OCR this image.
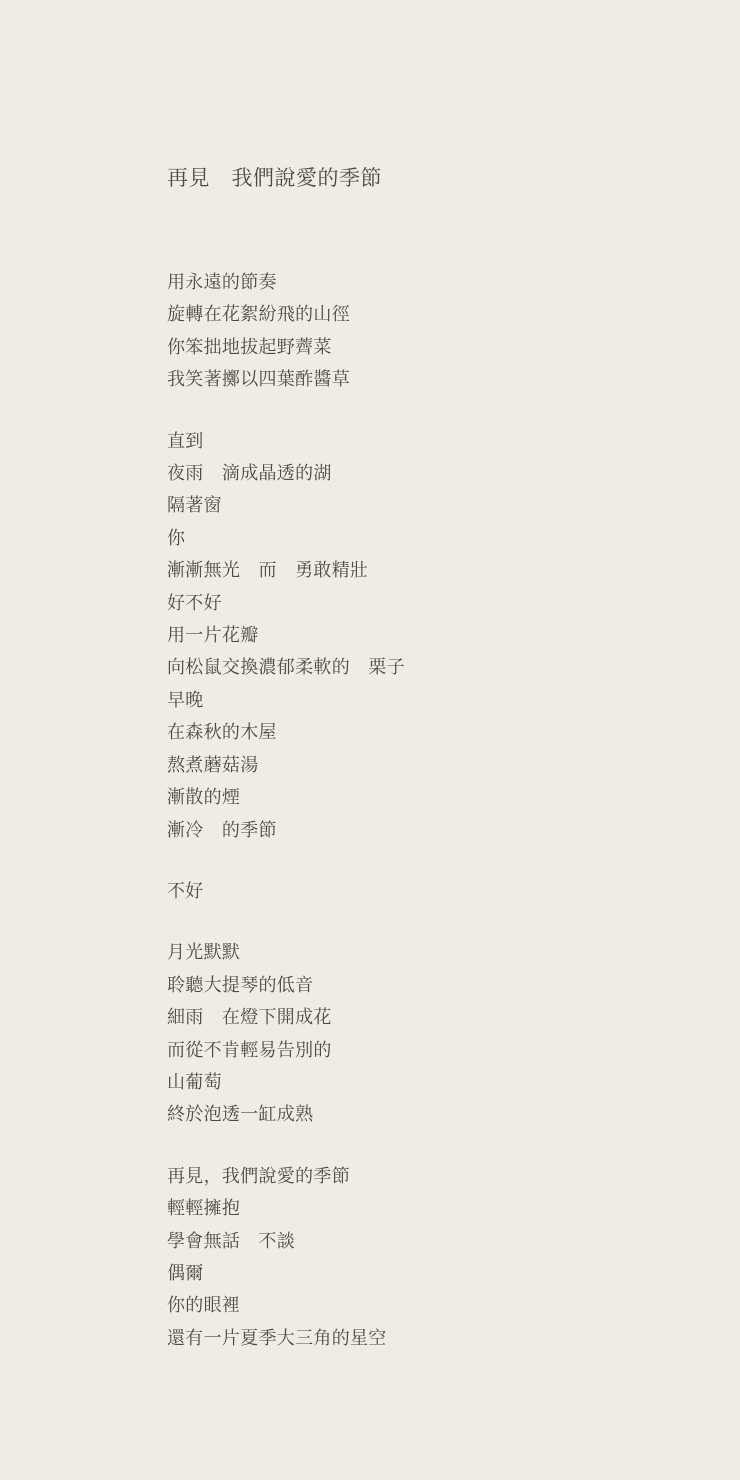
再見　我們說愛的季節

用永遠的節奏

旋轉在花絮紛飛的山徑

你笨拙地拔起野薺菜

我笑著擲以四葉酢醬草

直到

夜雨　滴成晶透的湖

隔著窗

你

漸漸無光　而　勇敢精壯

好不好

用一片花瓣

向松鼠交換濃郁柔軟的　栗子

早晚

在森秋的木屋

熬煮蘑菇湯

漸散的煙

漸冷　的季節

不好

月光默默

聆聽大提琴的低音

細雨　在燈下開成花

而從不肯輕易告別的

山葡萄

終於泡透一缸成熟

再見，我們說愛的季節

輕輕擁抱

學會無話　不談

偶爾

你的眼裡

還有一片夏季大三角的星空
